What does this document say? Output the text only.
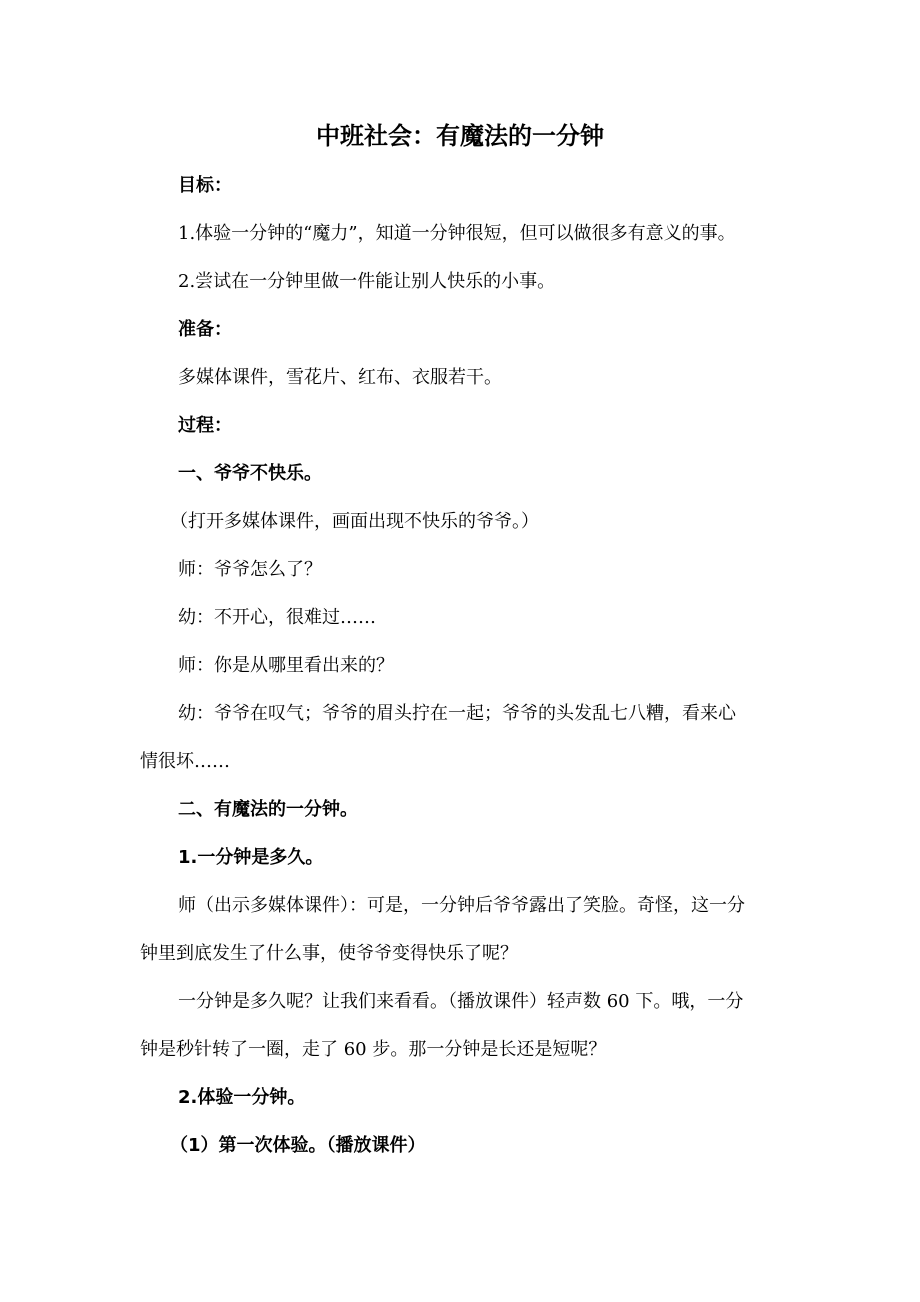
中班社会：有魔法的一分钟
目标：
1.体验一分钟的“魔力”，知道一分钟很短，但可以做很多有意义的事。
2.尝试在一分钟里做一件能让别人快乐的小事。
准备：
多媒体课件，雪花片、红布、衣服若干。
过程：
一、爷爷不快乐。
（打开多媒体课件，画面出现不快乐的爷爷。）
师：爷爷怎么了？
幼：不开心，很难过……
师：你是从哪里看出来的？
幼：爷爷在叹气；爷爷的眉头拧在一起；爷爷的头发乱七八糟，看来心
情很坏……
二、有魔法的一分钟。
1.一分钟是多久。
师（出示多媒体课件）：可是，一分钟后爷爷露出了笑脸。奇怪，这一分
钟里到底发生了什么事，使爷爷变得快乐了呢？
一分钟是多久呢？让我们来看看。（播放课件）轻声数 60 下。哦，一分
钟是秒针转了一圈，走了 60 步。那一分钟是长还是短呢？
2.体验一分钟。
（1）第一次体验。（播放课件）
